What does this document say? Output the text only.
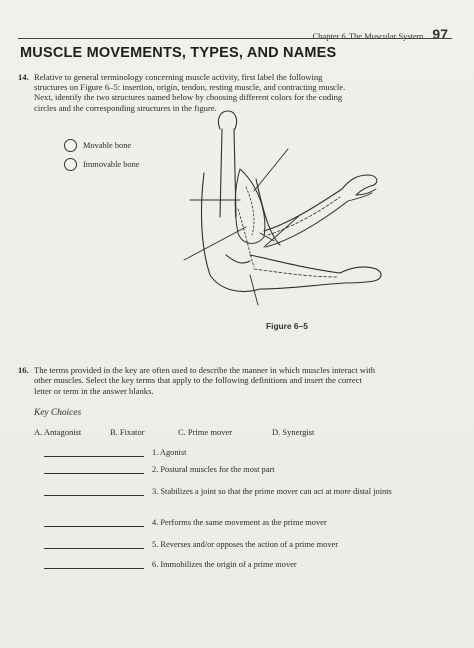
Chapter 6 The Muscular System 97
MUSCLE MOVEMENTS, TYPES, AND NAMES
14. Relative to general terminology concerning muscle activity, first label the following structures on Figure 6–5: insertion, origin, tendon, resting muscle, and contracting muscle. Next, identify the two structures named below by choosing different colors for the coding circles and the corresponding structures in the figure.
Movable bone
Immovable bone
Figure 6–5
16. The terms provided in the key are often used to describe the manner in which muscles interact with other muscles. Select the key terms that apply to the following definitions and insert the correct letter or term in the answer blanks.
Key Choices
A. Antagonist	B. Fixator	C. Prime mover	D. Synergist
1. Agonist
2. Postural muscles for the most part
3. Stabilizes a joint so that the prime mover can act at more distal joints
4. Performs the same movement as the prime mover
5. Reverses and/or opposes the action of a prime mover
6. Immobilizes the origin of a prime mover
